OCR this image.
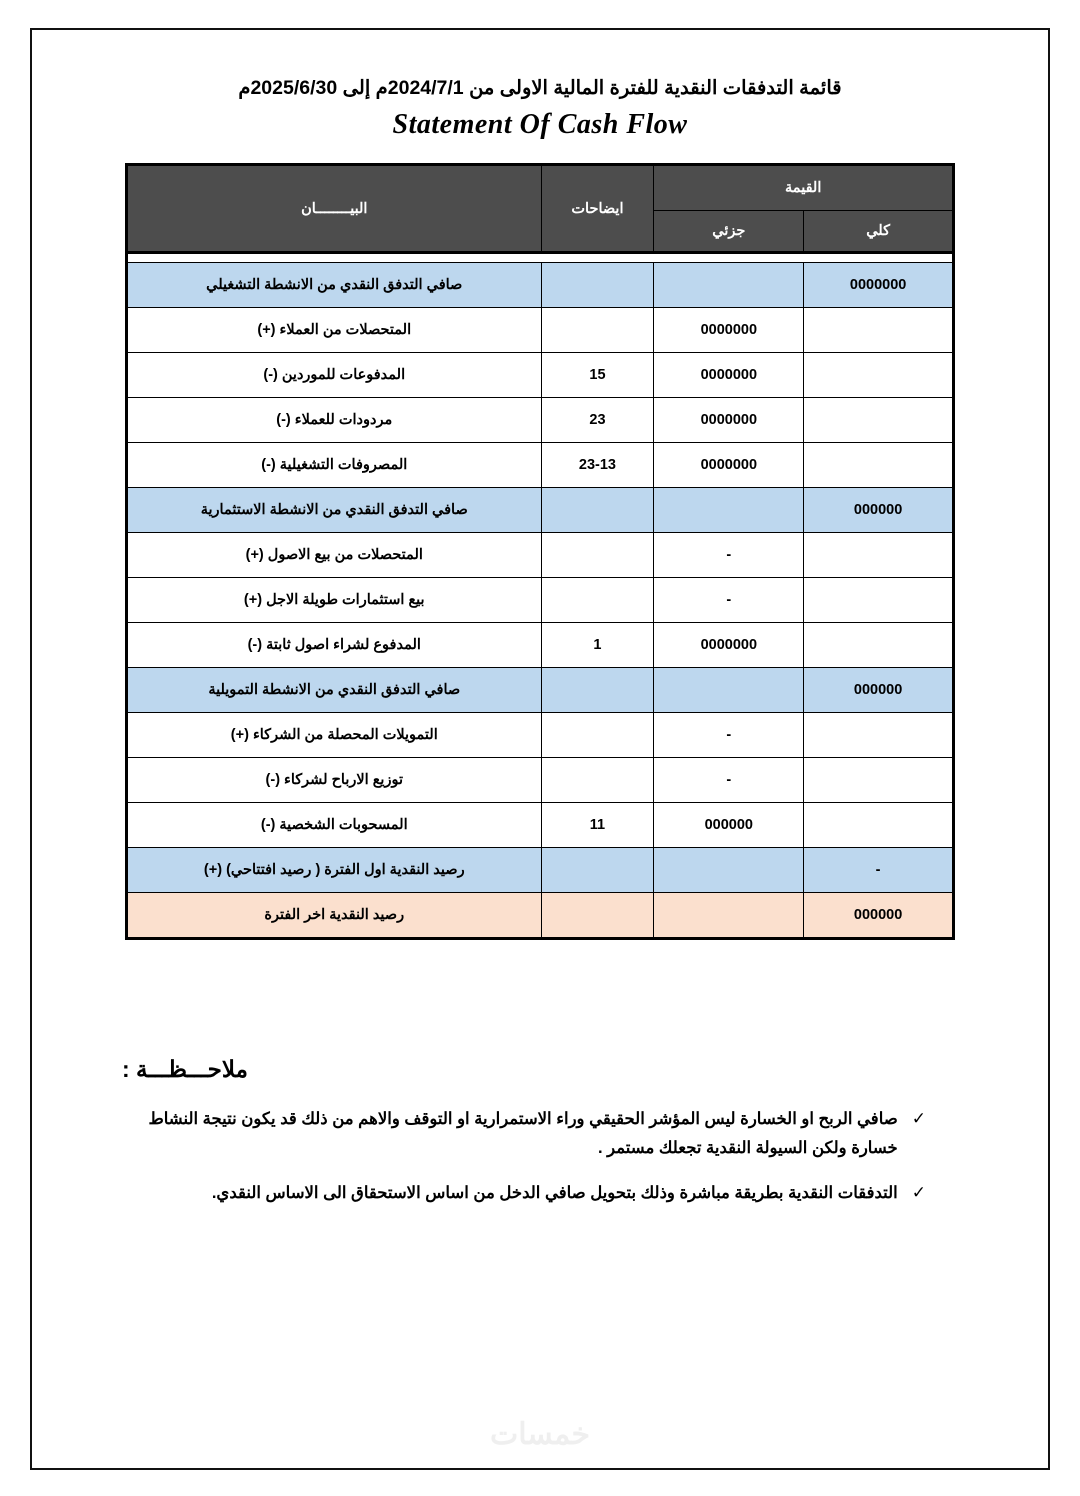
قائمة التدفقات النقدية للفترة المالية الاولى من 2024/7/1م إلى 2025/6/30م
Statement Of Cash Flow
القيمة		ايضاحات	البيــــــــان
كلي	جزئي		

0000000			صافي التدفق النقدي من الانشطة التشغيلي
	0000000		المتحصلات من العملاء (+)
	0000000	15	المدفوعات للموردين (-)
	0000000	23	مردودات للعملاء (-)
	0000000	23-13	المصروفات التشغيلية (-)
000000			صافي التدفق النقدي من الانشطة الاستثمارية
	-		المتحصلات من بيع الاصول (+)
	-		بيع استثمارات طويلة الاجل (+)
	0000000	1	المدفوع لشراء اصول ثابتة (-)
000000			صافي التدفق النقدي من الانشطة التمويلية
	-		التمويلات المحصلة من الشركاء (+)
	-		توزيع الارباح لشركاء (-)
	000000	11	المسحوبات الشخصية (-)
-			رصيد النقدية اول الفترة ( رصيد افتتاحي) (+)
000000			رصيد النقدية اخر الفترة
ملاحـــظـــة :
✓
صافي الربح او الخسارة ليس المؤشر الحقيقي وراء الاستمرارية او التوقف والاهم من ذلك قد يكون نتيجة النشاط خسارة ولكن السيولة النقدية تجعلك مستمر .
✓
التدفقات النقدية بطريقة مباشرة وذلك بتحويل صافي الدخل من اساس الاستحقاق الى الاساس النقدي.
خمسات
